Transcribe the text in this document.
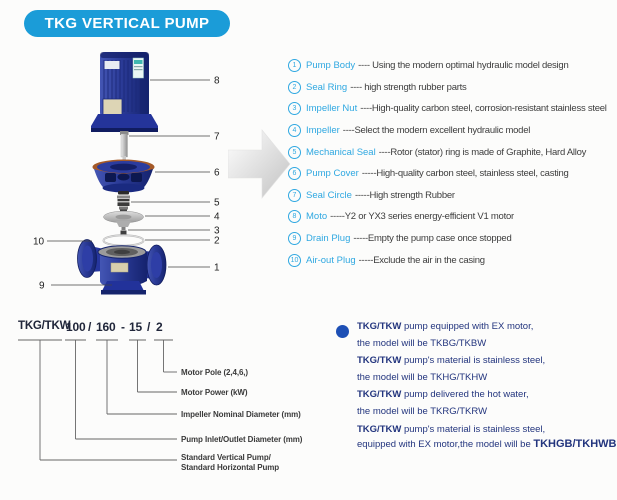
TKG VERTICAL PUMP
8
7
6
5
4
3
2
1
10
9
1	Pump Body ---- Using the modern optimal hydraulic model design
2	Seal Ring ---- high strength rubber parts
3	Impeller Nut ----High-quality carbon steel, corrosion-resistant stainless steel
4	Impeller ----Select the modern excellent hydraulic model
5	Mechanical Seal ----Rotor (stator) ring is made of Graphite, Hard Alloy
6	Pump Cover -----High-quality carbon steel, stainless steel, casting
7	Seal Circle -----High strength Rubber
8	Moto -----Y2 or YX3 series energy-efficient V1 motor
9	Drain Plug -----Empty the pump case once stopped
10 Air-out Plug -----Exclude the air in the casing
TKG/TKW
100 / 160 - 15 / 2
Motor Pole (2,4,6,)
Motor Power (kW)
Impeller Nominal Diameter (mm)
Pump Inlet/Outlet Diameter (mm)
Standard Vertical Pump/
Standard Horizontal Pump
TKG/TKW pump equipped with EX motor,
the model will be TKBG/TKBW
TKG/TKW pump's material is stainless steel,
the model will be TKHG/TKHW
TKG/TKW pump delivered the hot water,
the model will be TKRG/TKRW
TKG/TKW pump's material is stainless steel,
equipped with EX motor,the model will be TKHGB/TKHWB
